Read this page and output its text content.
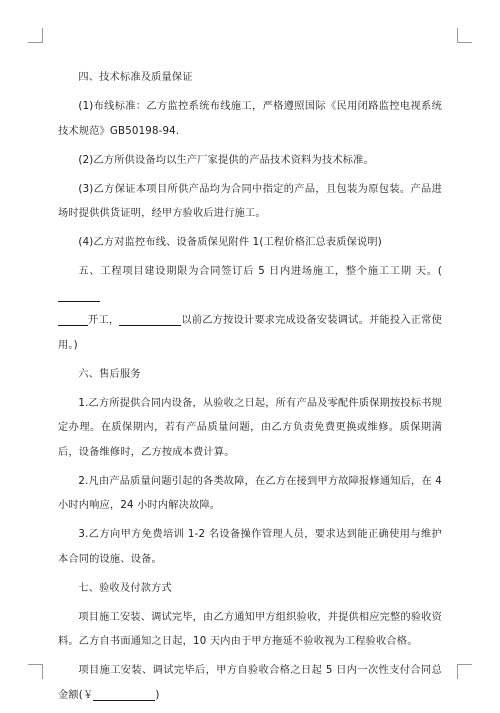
四、技术标准及质量保证

(1)布线标准：乙方监控系统布线施工，严格遵照国际《民用闭路监控电视系统技术规范》GB50198-94.

(2)乙方所供设备均以生产厂家提供的产品技术资料为技术标准。

(3)乙方保证本项目所供产品均为合同中指定的产品，且包装为原包装。产品进场时提供供货证明，经甲方验收后进行施工。

(4)乙方对监控布线、设备质保见附件 1(工程价格汇总表质保说明)

五、工程项目建设期限为合同签订后 5 日内进场施工，整个施工工期 天。(
开工，	以前乙方按设计要求完成设备安装调试。并能投入正常使用。)

六、售后服务

1.乙方所提供合同内设备，从验收之日起，所有产品及零配件质保期按投标书规定办理。在质保期内，若有产品质量问题，由乙方负责免费更换或维修。质保期满后，设备维修时，乙方按成本费计算。

2.凡由产品质量问题引起的各类故障，在乙方在接到甲方故障报修通知后，在 4 小时内响应，24 小时内解决故障。

3.乙方向甲方免费培训 1-2 名设备操作管理人员，要求达到能正确使用与维护本合同的设施、设备。

七、验收及付款方式

项目施工安装、调试完毕，由乙方通知甲方组织验收，并提供相应完整的验收资料。乙方自书面通知之日起，10 天内由于甲方拖延不验收视为工程验收合格。

项目施工安装、调试完毕后，甲方自验收合格之日起 5 日内一次性支付合同总金额(￥	)
